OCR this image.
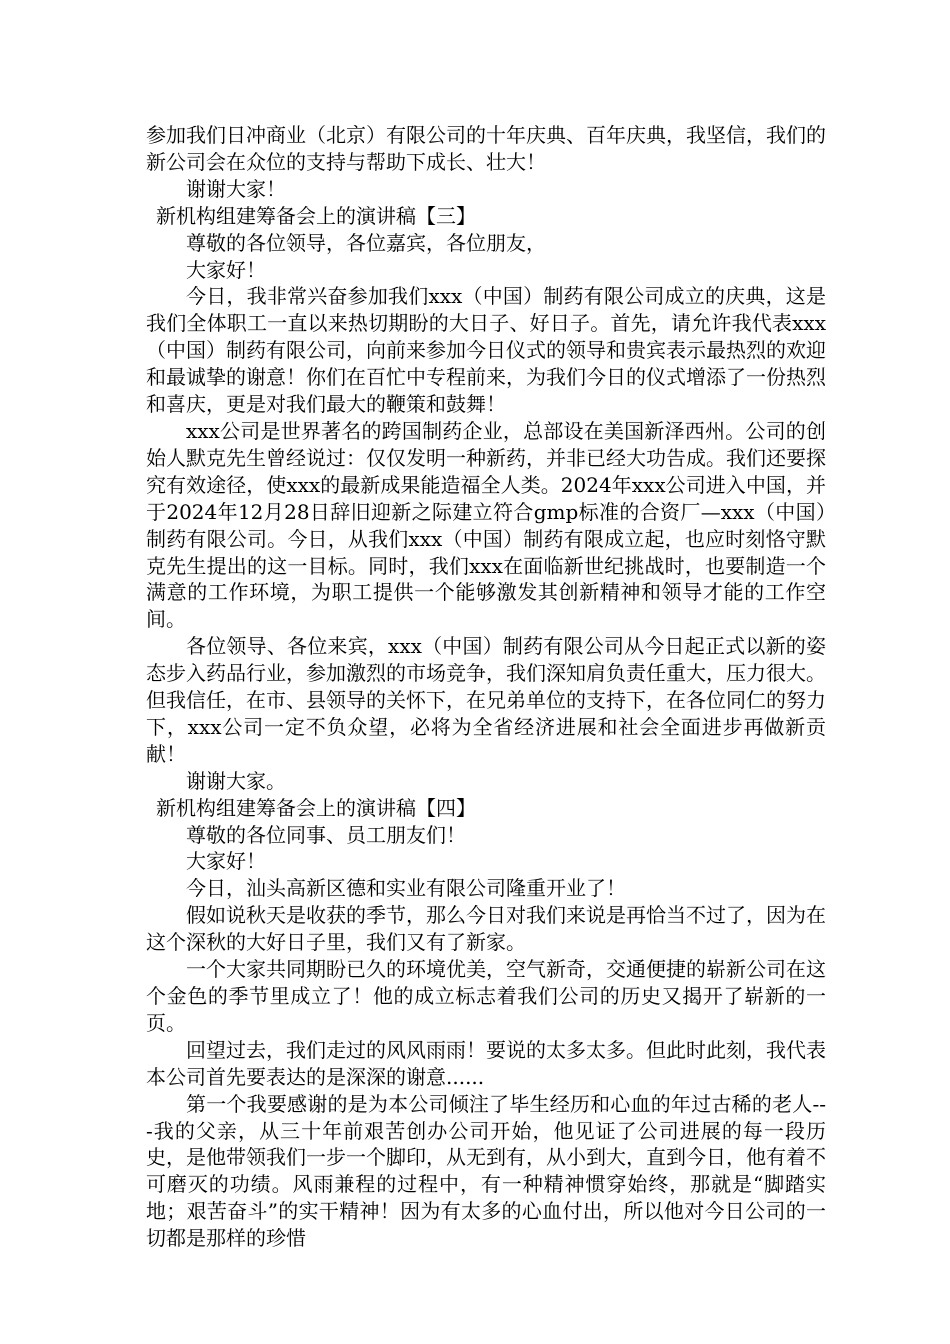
参加我们日冲商业（北京）有限公司的十年庆典、百年庆典，我坚信，我们的新公司会在众位的支持与帮助下成长、壮大！

谢谢大家！

新机构组建筹备会上的演讲稿【三】

尊敬的各位领导，各位嘉宾，各位朋友，

大家好！

今日，我非常兴奋参加我们xxx（中国）制药有限公司成立的庆典，这是我们全体职工一直以来热切期盼的大日子、好日子。首先，请允许我代表xxx（中国）制药有限公司，向前来参加今日仪式的领导和贵宾表示最热烈的欢迎和最诚挚的谢意！你们在百忙中专程前来，为我们今日的仪式增添了一份热烈和喜庆，更是对我们最大的鞭策和鼓舞！

xxx公司是世界著名的跨国制药企业，总部设在美国新泽西州。公司的创始人默克先生曾经说过：仅仅发明一种新药，并非已经大功告成。我们还要探究有效途径，使xxx的最新成果能造福全人类。2024年xxx公司进入中国，并于2024年12月28日辞旧迎新之际建立符合gmp标准的合资厂—xxx（中国）制药有限公司。今日，从我们xxx（中国）制药有限成立起，也应时刻恪守默克先生提出的这一目标。同时，我们xxx在面临新世纪挑战时，也要制造一个满意的工作环境，为职工提供一个能够激发其创新精神和领导才能的工作空间。

各位领导、各位来宾，xxx（中国）制药有限公司从今日起正式以新的姿态步入药品行业，参加激烈的市场竞争，我们深知肩负责任重大，压力很大。但我信任，在市、县领导的关怀下，在兄弟单位的支持下，在各位同仁的努力下，xxx公司一定不负众望，必将为全省经济进展和社会全面进步再做新贡献！

谢谢大家。

新机构组建筹备会上的演讲稿【四】

尊敬的各位同事、员工朋友们！

大家好！

今日，汕头高新区德和实业有限公司隆重开业了！

假如说秋天是收获的季节，那么今日对我们来说是再恰当不过了，因为在这个深秋的大好日子里，我们又有了新家。

一个大家共同期盼已久的环境优美，空气新奇，交通便捷的崭新公司在这个金色的季节里成立了！他的成立标志着我们公司的历史又揭开了崭新的一页。

回望过去，我们走过的风风雨雨！要说的太多太多。但此时此刻，我代表本公司首先要表达的是深深的谢意......

第一个我要感谢的是为本公司倾注了毕生经历和心血的年过古稀的老人---我的父亲，从三十年前艰苦创办公司开始，他见证了公司进展的每一段历史，是他带领我们一步一个脚印，从无到有，从小到大，直到今日，他有着不可磨灭的功绩。风雨兼程的过程中，有一种精神惯穿始终，那就是“脚踏实地；艰苦奋斗”的实干精神！因为有太多的心血付出，所以他对今日公司的一切都是那样的珍惜
